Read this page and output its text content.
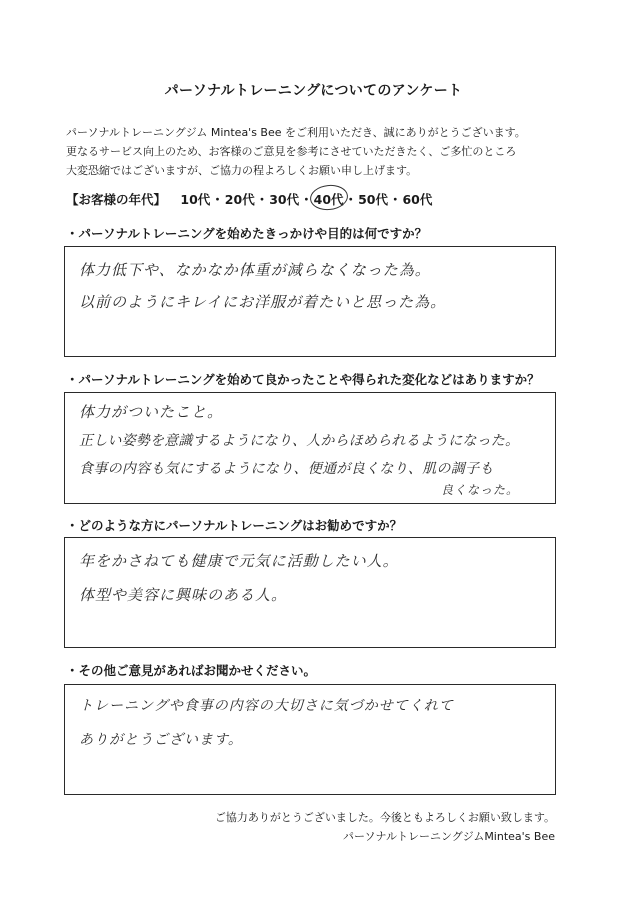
パーソナルトレーニングについてのアンケート
パーソナルトレーニングジム Mintea's Bee をご利用いただき、誠にありがとうございます。
更なるサービス向上のため、お客様のご意見を参考にさせていただきたく、ご多忙のところ
大変恐縮ではございますが、ご協力の程よろしくお願い申し上げます。
【お客様の年代】 10代・20代・30代・40代・50代・60代
・パーソナルトレーニングを始めたきっかけや目的は何ですか？
体力低下や、なかなか体重が減らなくなった為。
以前のようにキレイにお洋服が着たいと思った為。
・パーソナルトレーニングを始めて良かったことや得られた変化などはありますか？
体力がついたこと。
正しい姿勢を意識するようになり、人からほめられるようになった。
食事の内容も気にするようになり、便通が良くなり、肌の調子も
良くなった。
・どのような方にパーソナルトレーニングはお勧めですか？
年をかさねても健康で元気に活動したい人。
体型や美容に興味のある人。
・その他ご意見があればお聞かせください。
トレーニングや食事の内容の大切さに気づかせてくれて
ありがとうございます。
ご協力ありがとうございました。今後ともよろしくお願い致します。
パーソナルトレーニングジムMintea's Bee
